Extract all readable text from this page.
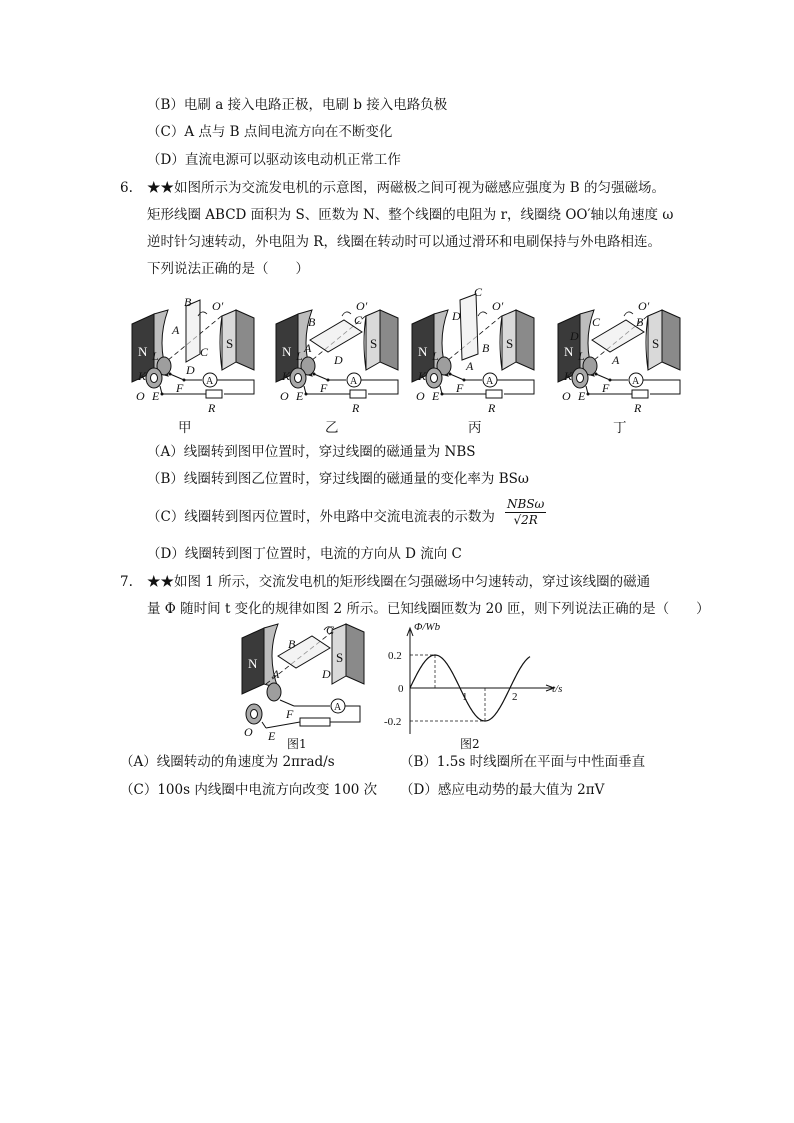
（B）电刷 a 接入电路正极，电刷 b 接入电路负极
（C）A 点与 B 点间电流方向在不断变化
（D）直流电源可以驱动该电动机正常工作
6. ★★如图所示为交流发电机的示意图，两磁极之间可视为磁感应强度为 B 的匀强磁场。
矩形线圈 ABCD 面积为 S、匝数为 N、整个线圈的电阻为 r，线圈绕 OO′轴以角速度 ω
逆时针匀速转动，外电阻为 R，线圈在转动时可以通过滑环和电刷保持与外电路相连。
下列说法正确的是（　　）
N
S
B
A
C
D
O′
L
K
O
F
E
A
R
N
S
B
A
C
D
O′
L
K
O
F
E
A
R
N
S
C
D
B
A
O′
L
K
O
F
E
A
R
N
S
C
D
B
A
O′
L
K
O
F
E
A
R
甲	乙	丙	丁
（A）线圈转到图甲位置时，穿过线圈的磁通量为 NBS
（B）线圈转到图乙位置时，穿过线圈的磁通量的变化率为 BSω
（C）线圈转到图丙位置时，外电路中交流电流表的示数为
NBSω
√2R
（D）线圈转到图丁位置时，电流的方向从 D 流向 C
7. ★★如图 1 所示，交流发电机的矩形线圈在匀强磁场中匀速转动，穿过该线圈的磁通
量 Φ 随时间 t 变化的规律如图 2 所示。已知线圈匝数为 20 匝，则下列说法正确的是（　　）
N	S
B
C
A	D
O
F
E
A
图1
Φ/Wb
t/s
0.2
0
-0.2
1	2
图2
（A）线圈转动的角速度为 2πrad/s	（B）1.5s 时线圈所在平面与中性面垂直
（C）100s 内线圈中电流方向改变 100 次 （D）感应电动势的最大值为 2πV
